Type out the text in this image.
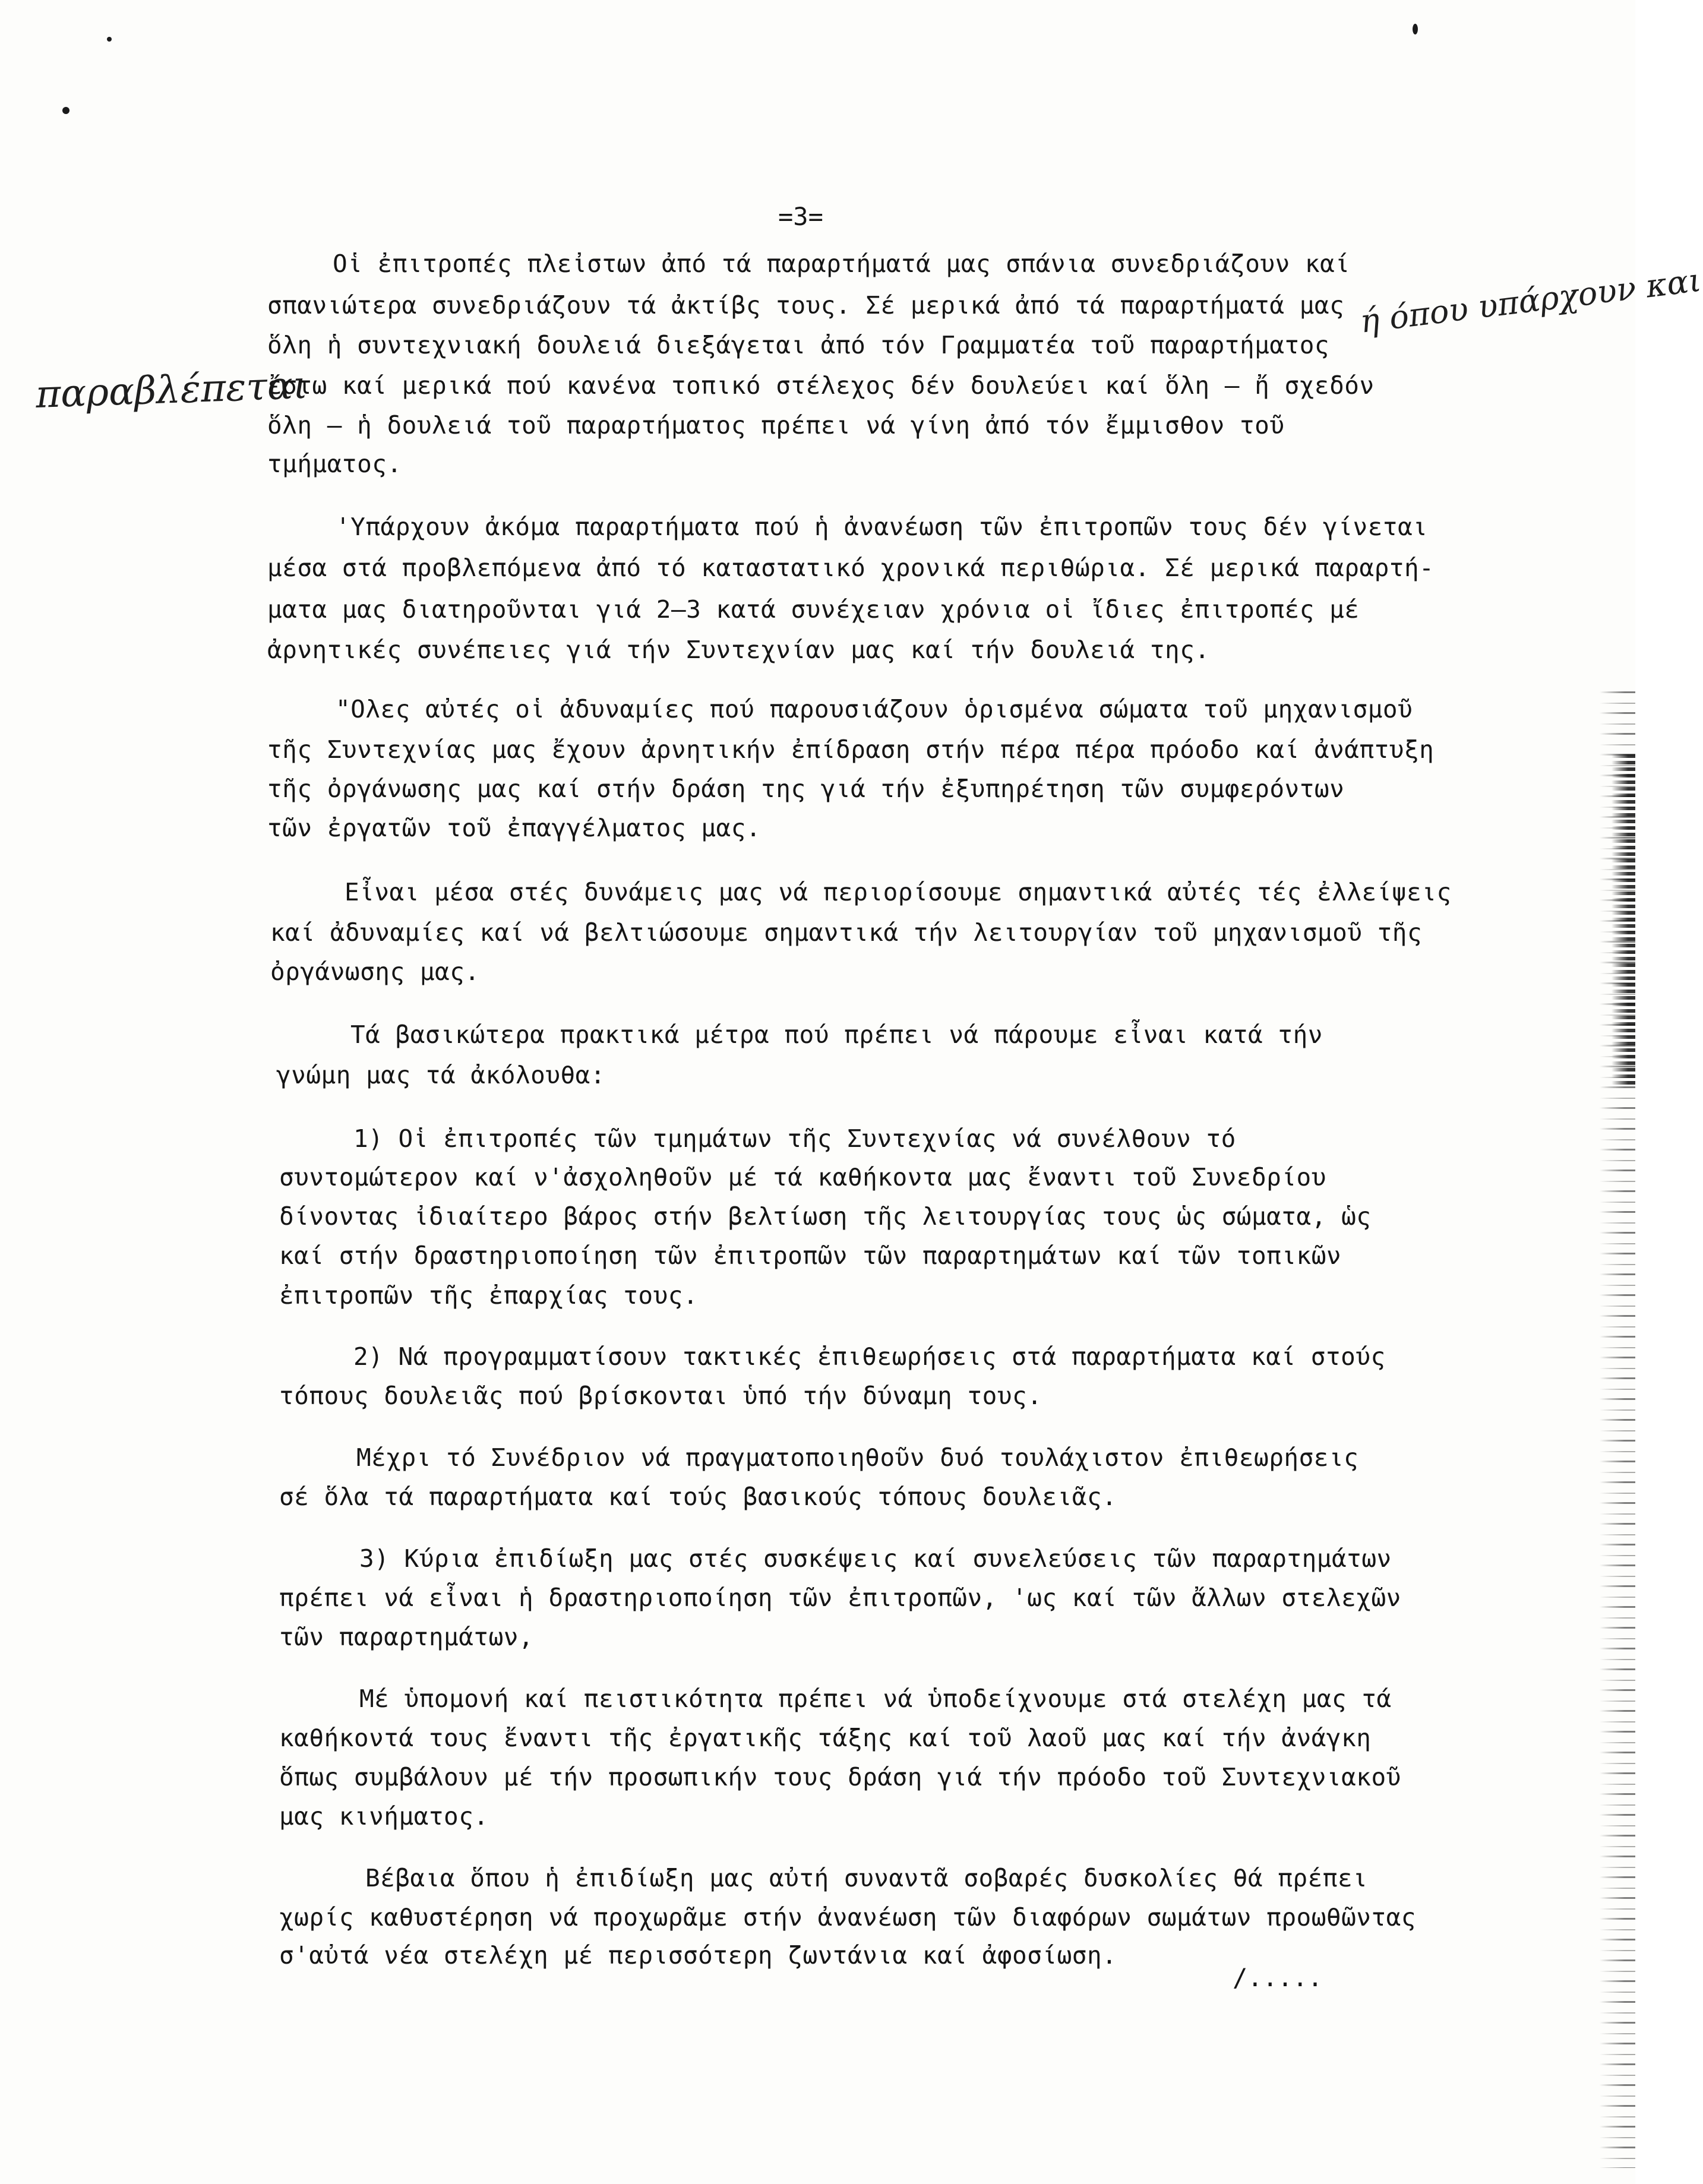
=3=
παραβλέπεται
ή όπου υπάρχουν και
Οἱ ἐπιτροπές πλεἰστων ἀπό τά παραρτήματά μας σπάνια συνεδριάζουν καί
σπανιώτερα συνεδριάζουν τά ἀκτίβς τους. Σέ μερικά ἀπό τά παραρτήματά μας
ὅλη ἡ συντεχνιακή δουλειά διεξάγεται ἀπό τόν Γραμματέα τοῦ παραρτήματος
ἔστω καί μερικά πού κανένα τοπικό στέλεχος δέν δουλεύει καί ὅλη – ἤ σχεδόν
ὅλη – ἡ δουλειά τοῦ παραρτήματος πρέπει νά γίνη ἀπό τόν ἔμμισθον τοῦ
τμήματος.
'Υπάρχουν ἀκόμα παραρτήματα πού ἡ ἀνανέωση τῶν ἐπιτροπῶν τους δέν γίνεται
μέσα στά προβλεπόμενα ἀπό τό καταστατικό χρονικά περιθώρια. Σέ μερικά παραρτή-
ματα μας διατηροῦνται γιά 2–3 κατά συνέχειαν χρόνια οἱ ἴδιες ἐπιτροπές μέ
ἀρνητικές συνέπειες γιά τήν Συντεχνίαν μας καί τήν δουλειά της.
"Ολες αὐτές οἱ ἀδυναμίες πού παρουσιάζουν ὁρισμένα σώματα τοῦ μηχανισμοῦ
τῆς Συντεχνίας μας ἔχουν ἀρνητικήν ἐπίδραση στήν πέρα πέρα πρόοδο καί ἀνάπτυξη
τῆς ὀργάνωσης μας καί στήν δράση της γιά τήν ἐξυπηρέτηση τῶν συμφερόντων
τῶν ἐργατῶν τοῦ ἐπαγγέλματος μας.
Εἶναι μέσα στές δυνάμεις μας νά περιορίσουμε σημαντικά αὐτές τές ἐλλείψεις
καί ἀδυναμίες καί νά βελτιώσουμε σημαντικά τήν λειτουργίαν τοῦ μηχανισμοῦ τῆς
ὀργάνωσης μας.
Τά βασικώτερα πρακτικά μέτρα πού πρέπει νά πάρουμε εἶναι κατά τήν
γνώμη μας τά ἀκόλουθα:
1) Οἱ ἐπιτροπές τῶν τμημάτων τῆς Συντεχνίας νά συνέλθουν τό
συντομώτερον καί ν'ἀσχοληθοῦν μέ τά καθήκοντα μας ἔναντι τοῦ Συνεδρίου
δίνοντας ἰδιαίτερο βάρος στήν βελτίωση τῆς λειτουργίας τους ὡς σώματα, ὡς
καί στήν δραστηριοποίηση τῶν ἐπιτροπῶν τῶν παραρτημάτων καί τῶν τοπικῶν
ἐπιτροπῶν τῆς ἐπαρχίας τους.
2) Νά προγραμματίσουν τακτικές ἐπιθεωρήσεις στά παραρτήματα καί στούς
τόπους δουλειᾶς πού βρίσκονται ὑπό τήν δύναμη τους.
Μέχρι τό Συνέδριον νά πραγματοποιηθοῦν δυό τουλάχιστον ἐπιθεωρήσεις
σέ ὅλα τά παραρτήματα καί τούς βασικούς τόπους δουλειᾶς.
3) Κύρια ἐπιδίωξη μας στές συσκέψεις καί συνελεύσεις τῶν παραρτημάτων
πρέπει νά εἶναι ἡ δραστηριοποίηση τῶν ἐπιτροπῶν, 'ως καί τῶν ἄλλων στελεχῶν
τῶν παραρτημάτων,
Μέ ὑπομονή καί πειστικότητα πρέπει νά ὑποδείχνουμε στά στελέχη μας τά
καθήκοντά τους ἔναντι τῆς ἐργατικῆς τάξης καί τοῦ λαοῦ μας καί τήν ἀνάγκη
ὅπως συμβάλουν μέ τήν προσωπικήν τους δράση γιά τήν πρόοδο τοῦ Συντεχνιακοῦ
μας κινήματος.
Βέβαια ὅπου ἡ ἐπιδίωξη μας αὐτή συναντᾶ σοβαρές δυσκολίες θά πρέπει
χωρίς καθυστέρηση νά προχωρᾶμε στήν ἀνανέωση τῶν διαφόρων σωμάτων προωθῶντας
σ'αὐτά νέα στελέχη μέ περισσότερη ζωντάνια καί ἀφοσίωση.
/.....
